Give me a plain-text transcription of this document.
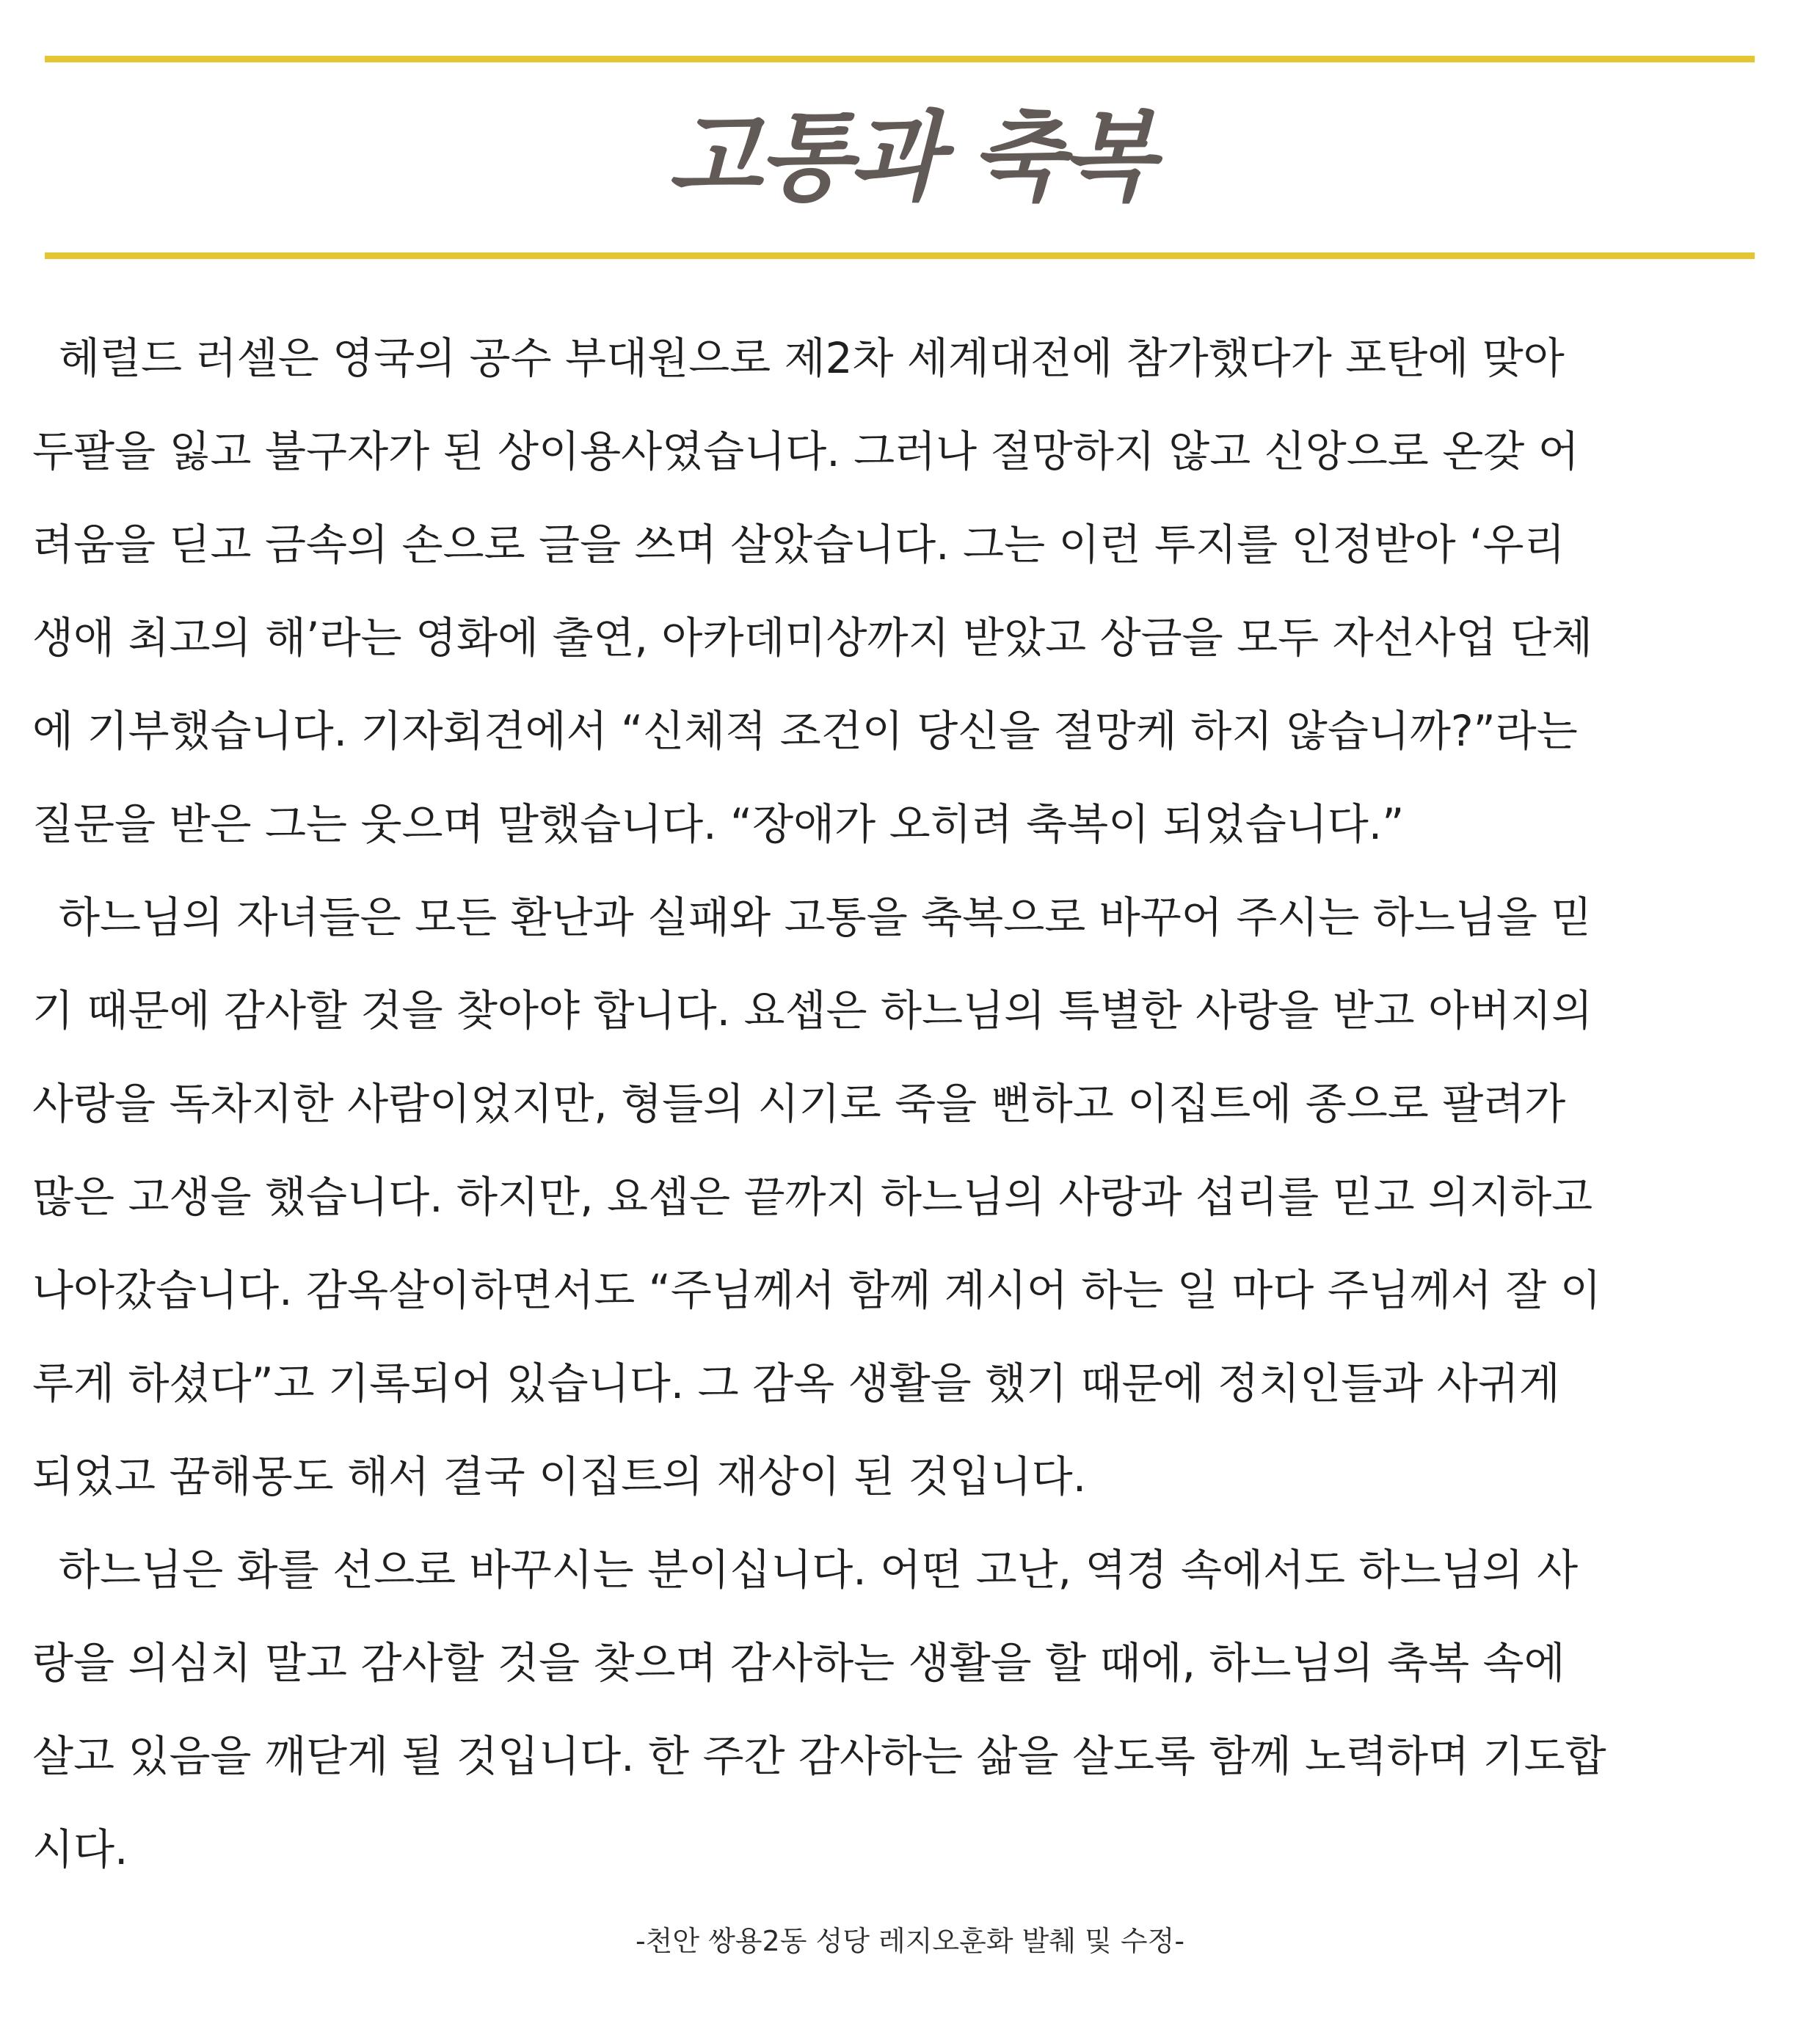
고통과 축복
헤럴드 러셀은 영국의 공수 부대원으로 제2차 세계대전에 참가했다가 포탄에 맞아
두팔을 잃고 불구자가 된 상이용사였습니다. 그러나 절망하지 않고 신앙으로 온갖 어
려움을 딛고 금속의 손으로 글을 쓰며 살았습니다. 그는 이런 투지를 인정받아 ‘우리
생애 최고의 해’라는 영화에 출연, 아카데미상까지 받았고 상금을 모두 자선사업 단체
에 기부했습니다. 기자회견에서 “신체적 조건이 당신을 절망케 하지 않습니까?”라는
질문을 받은 그는 웃으며 말했습니다. “장애가 오히려 축복이 되었습니다.”
하느님의 자녀들은 모든 환난과 실패와 고통을 축복으로 바꾸어 주시는 하느님을 믿
기 때문에 감사할 것을 찾아야 합니다. 요셉은 하느님의 특별한 사랑을 받고 아버지의
사랑을 독차지한 사람이었지만, 형들의 시기로 죽을 뻔하고 이집트에 종으로 팔려가
많은 고생을 했습니다. 하지만, 요셉은 끝까지 하느님의 사랑과 섭리를 믿고 의지하고
나아갔습니다. 감옥살이하면서도 “주님께서 함께 계시어 하는 일 마다 주님께서 잘 이
루게 하셨다”고 기록되어 있습니다. 그 감옥 생활을 했기 때문에 정치인들과 사귀게
되었고 꿈해몽도 해서 결국 이집트의 재상이 된 것입니다.
하느님은 화를 선으로 바꾸시는 분이십니다. 어떤 고난, 역경 속에서도 하느님의 사
랑을 의심치 말고 감사할 것을 찾으며 감사하는 생활을 할 때에, 하느님의 축복 속에
살고 있음을 깨닫게 될 것입니다. 한 주간 감사하는 삶을 살도록 함께 노력하며 기도합
시다.
-천안 쌍용2동 성당 레지오훈화 발췌 및 수정-
